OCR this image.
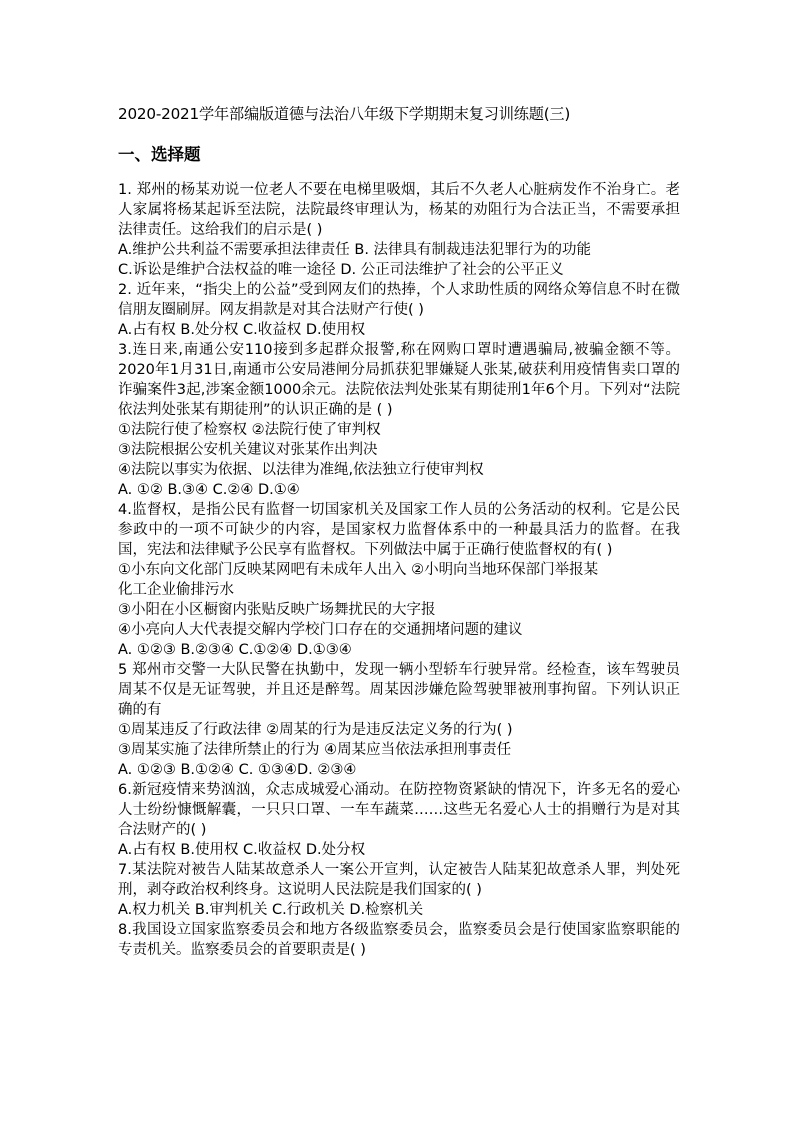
2020-2021学年部编版道德与法治八年级下学期期末复习训练题(三)
一、选择题

1. 郑州的杨某劝说一位老人不要在电梯里吸烟，其后不久老人心脏病发作不治身亡。老人家属将杨某起诉至法院，法院最终审理认为，杨某的劝阻行为合法正当，不需要承担法律责任。这给我们的启示是( )

A.维护公共利益不需要承担法律责任 B. 法律具有制裁违法犯罪行为的功能

C.诉讼是维护合法权益的唯一途径 D. 公正司法维护了社会的公平正义

2. 近年来，“指尖上的公益”受到网友们的热捧，个人求助性质的网络众筹信息不时在微信朋友圈刷屏。网友捐款是对其合法财产行使( )

A.占有权 B.处分权 C.收益权 D.使用权

3.连日来,南通公安110接到多起群众报警,称在网购口罩时遭遇骗局,被骗金额不等。2020年1月31日,南通市公安局港闸分局抓获犯罪嫌疑人张某,破获利用疫情售卖口罩的诈骗案件3起,涉案金额1000余元。法院依法判处张某有期徒刑1年6个月。下列对“法院依法判处张某有期徒刑”的认识正确的是 ( )

①法院行使了检察权 ②法院行使了审判权

③法院根据公安机关建议对张某作出判决

④法院以事实为依据、以法律为准绳,依法独立行使审判权

A. ①② B.③④ C.②④ D.①④

4.监督权，是指公民有监督一切国家机关及国家工作人员的公务活动的权利。它是公民参政中的一项不可缺少的内容，是国家权力监督体系中的一种最具活力的监督。在我国，宪法和法律赋予公民享有监督权。下列做法中属于正确行使监督权的有( )

①小东向文化部门反映某网吧有未成年人出入 ②小明向当地环保部门举报某

化工企业偷排污水

③小阳在小区橱窗内张贴反映广场舞扰民的大字报

④小亮向人大代表提交解内学校门口存在的交通拥堵问题的建议

A. ①②③ B.②③④ C.①②④ D.①③④

5 郑州市交警一大队民警在执勤中，发现一辆小型轿车行驶异常。经检查，该车驾驶员周某不仅是无证驾驶，并且还是醉驾。周某因涉嫌危险驾驶罪被刑事拘留。下列认识正确的有

①周某违反了行政法律 ②周某的行为是违反法定义务的行为( )

③周某实施了法律所禁止的行为 ④周某应当依法承担刑事责任

A. ①②③ B.①②④ C. ①③④D. ②③④

6.新冠疫情来势汹汹，众志成城爱心涌动。在防控物资紧缺的情况下，许多无名的爱心人士纷纷慷慨解囊，一只只口罩、一车车蔬菜……这些无名爱心人士的捐赠行为是对其合法财产的( )

A.占有权 B.使用权 C.收益权 D.处分权

7.某法院对被告人陆某故意杀人一案公开宣判，认定被告人陆某犯故意杀人罪，判处死刑，剥夺政治权利终身。这说明人民法院是我们国家的( )

A.权力机关 B.审判机关 C.行政机关 D.检察机关

8.我国设立国家监察委员会和地方各级监察委员会，监察委员会是行使国家监察职能的专责机关。监察委员会的首要职责是( )
